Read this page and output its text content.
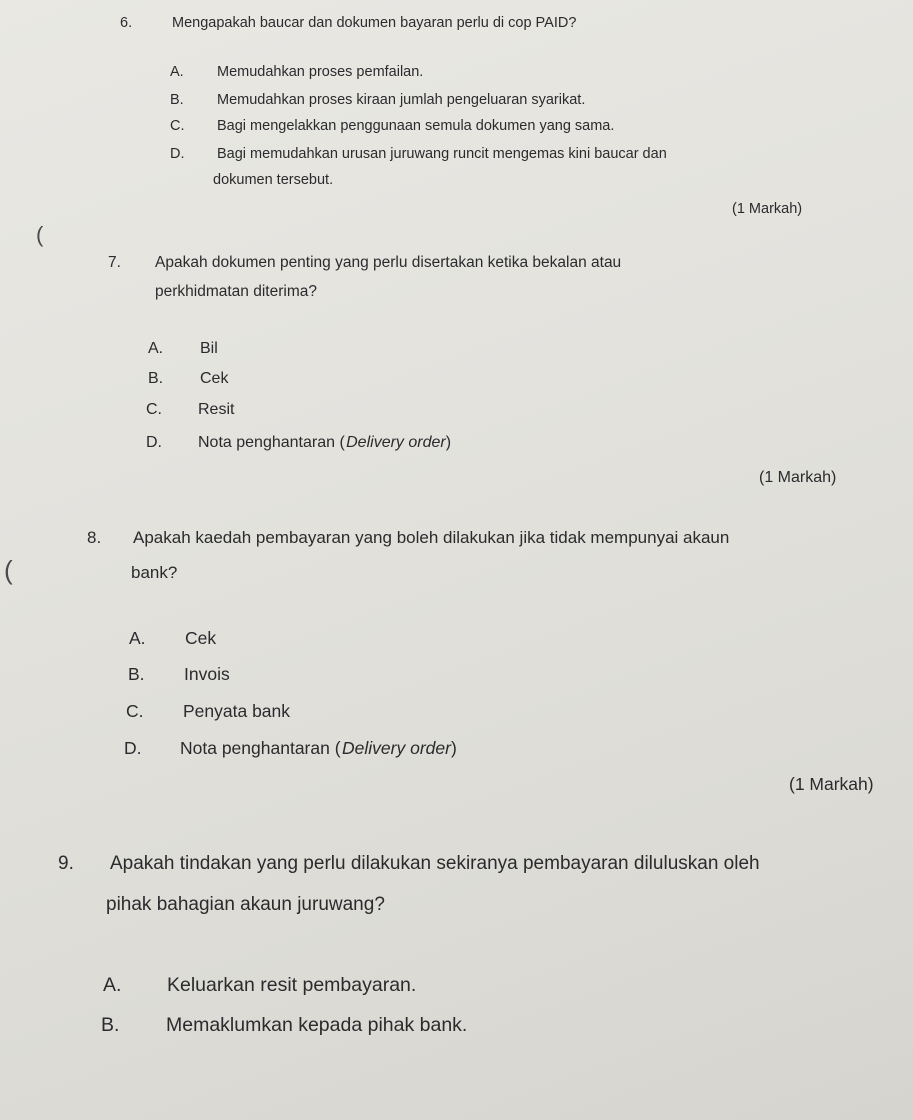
6.	Mengapakah baucar dan dokumen bayaran perlu di cop PAID?
A. Memudahkan proses pemfailan.
B. Memudahkan proses kiraan jumlah pengeluaran syarikat.
C. Bagi mengelakkan penggunaan semula dokumen yang sama.
D. Bagi memudahkan urusan juruwang runcit mengemas kini baucar dan
dokumen tersebut.
(1 Markah)
(
7. Apakah dokumen penting yang perlu disertakan ketika bekalan atau
perkhidmatan diterima?
A. Bil
B. Cek
C. Resit
D. Nota penghantaran ( Delivery order)
(1 Markah)
8. Apakah kaedah pembayaran yang boleh dilakukan jika tidak mempunyai akaun
(	bank?
A. Cek
B. Invois
C. Penyata bank
D. Nota penghantaran ( Delivery order)
(1 Markah)
9. Apakah tindakan yang perlu dilakukan sekiranya pembayaran diluluskan oleh
pihak bahagian akaun juruwang?
A. Keluarkan resit pembayaran.
B. Memaklumkan kepada pihak bank.
